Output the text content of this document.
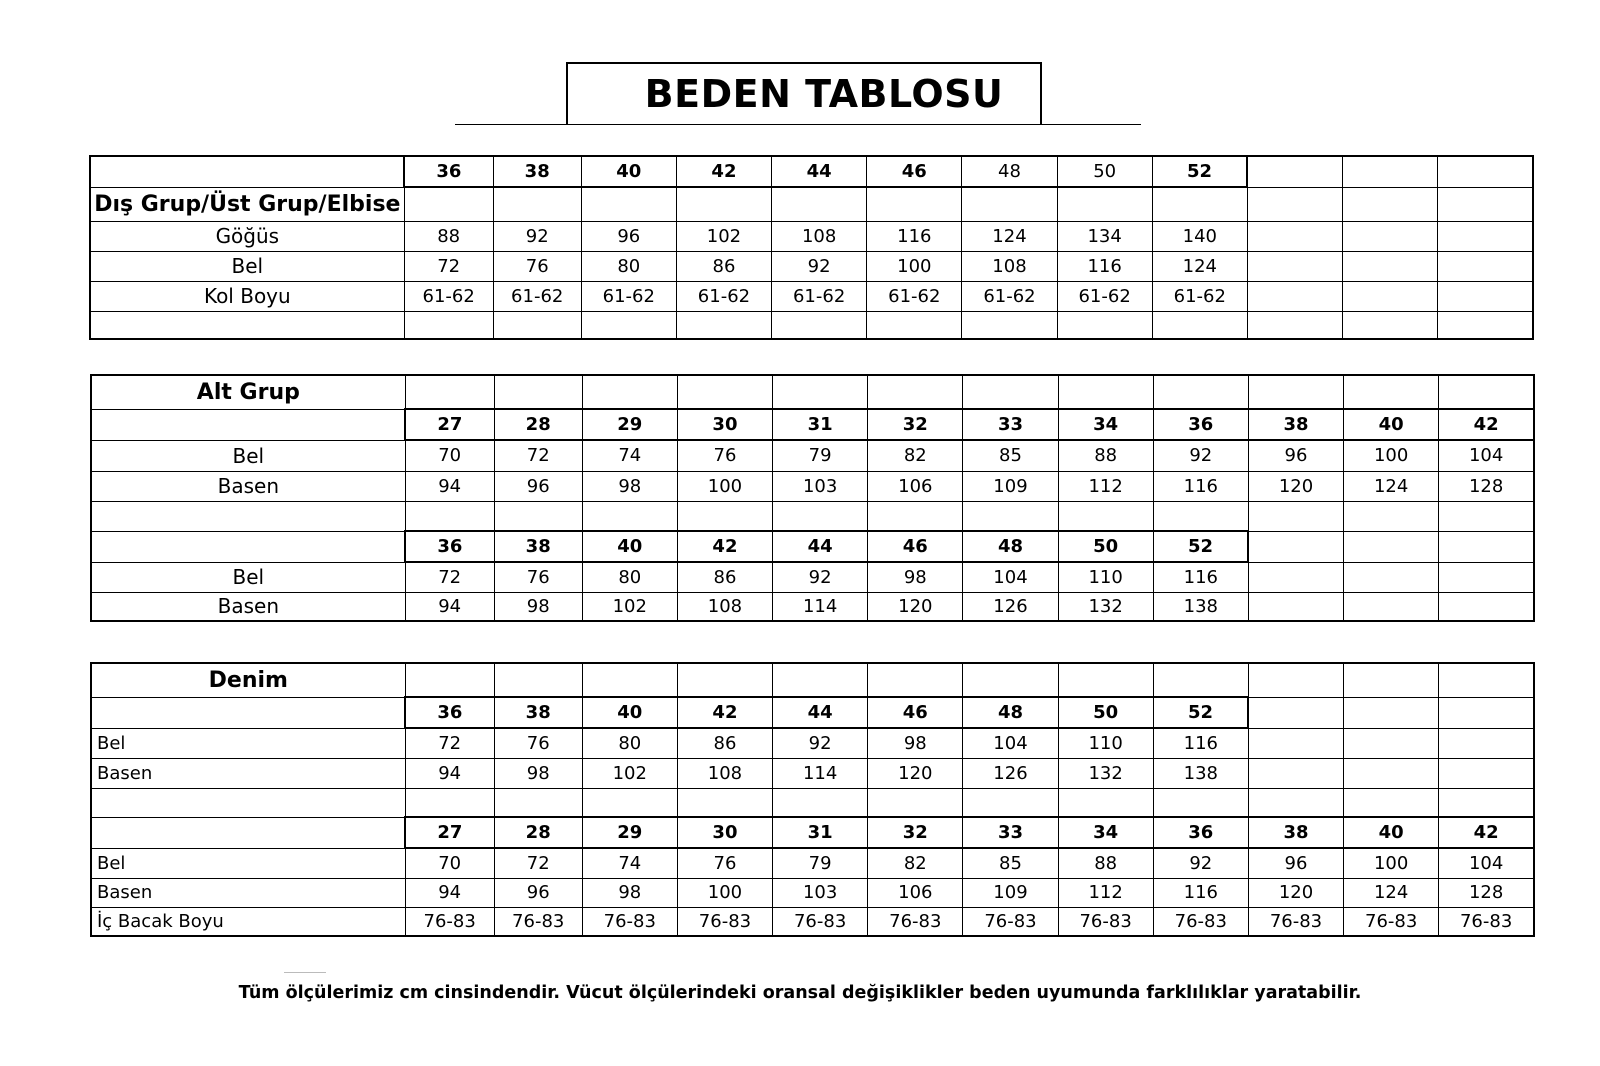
BEDEN TABLOSU
	36	38	40	42	44	46	48	50	52			
Dış Grup/Üst Grup/Elbise												
Göğüs	88	92	96	102	108	116	124	134	140			
Bel	72	76	80	86	92	100	108	116	124			
Kol Boyu	61-62	61-62	61-62	61-62	61-62	61-62	61-62	61-62	61-62			

Alt Grup												
	27	28	29	30	31	32	33	34	36	38	40	42
Bel	70	72	74	76	79	82	85	88	92	96	100	104
Basen	94	96	98	100	103	106	109	112	116	120	124	128

	36	38	40	42	44	46	48	50	52			
Bel	72	76	80	86	92	98	104	110	116			
Basen	94	98	102	108	114	120	126	132	138			
Denim												
	36	38	40	42	44	46	48	50	52			
Bel	72	76	80	86	92	98	104	110	116			
Basen	94	98	102	108	114	120	126	132	138			

	27	28	29	30	31	32	33	34	36	38	40	42
Bel	70	72	74	76	79	82	85	88	92	96	100	104
Basen	94	96	98	100	103	106	109	112	116	120	124	128
İç Bacak Boyu	76-83	76-83	76-83	76-83	76-83	76-83	76-83	76-83	76-83	76-83	76-83	76-83
Tüm ölçülerimiz cm cinsindendir. Vücut ölçülerindeki oransal değişiklikler beden uyumunda farklılıklar yaratabilir.
